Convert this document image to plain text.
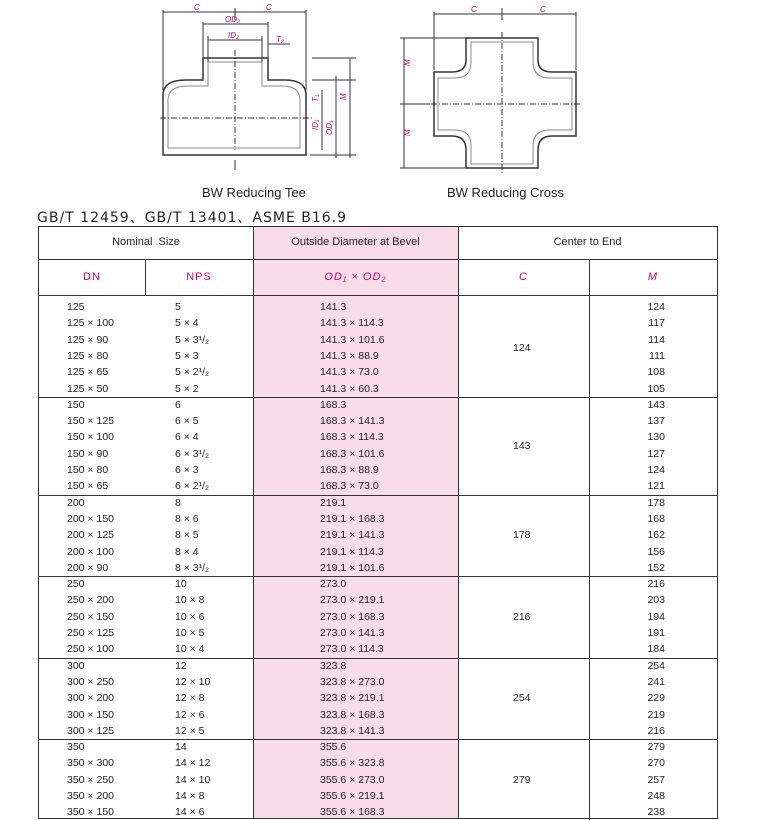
C	C
OD₂
ID₂	T₂
T₁ M
ID₁ OD₁
C	C
M
M
BW Reducing Tee	BW Reducing Cross
GB/T 12459、GB/T 13401、ASME B16.9
Nominal  Size	Outside Diameter at Bevel	Center to End
DN	NPS	OD₁ × OD₂	C	M
125	5	141.3	124
125 × 100	5 × 4	141.3 × 114.3	117
125 × 90	5 × 3¹/₂	141.3 × 101.6	114
125 × 80	5 × 3	141.3 × 88.9	111
125 × 65	5 × 2¹/₂	141.3 × 73.0	108
125 × 50	5 × 2	141.3 × 60.3	105
124
150	6	168.3	143
150 × 125	6 × 5	168.3 × 141.3	137
150 × 100	6 × 4	168.3 × 114.3	130
150 × 90	6 × 3¹/₂	168.3 × 101.6	127
150 × 80	6 × 3	168.3 × 88.9	124
150 × 65	6 × 2¹/₂	168.3 × 73.0	121
143
200	8	219.1	178
200 × 150	8 × 6	219.1 × 168.3	168
200 × 125	8 × 5	219.1 × 141.3	162
200 × 100	8 × 4	219.1 × 114.3	156
200 × 90	8 × 3¹/₂	219.1 × 101.6	152
178
250	10	273.0	216
250 × 200	10 × 8	273.0 × 219.1	203
250 × 150	10 × 6	273.0 × 168.3	194
250 × 125	10 × 5	273.0 × 141.3	191
250 × 100	10 × 4	273.0 × 114.3	184
216
300	12	323.8	254
300 × 250	12 × 10	323.8 × 273.0	241
300 × 200	12 × 8	323.8 × 219.1	229
300 × 150	12 × 6	323.8 × 168.3	219
300 × 125	12 × 5	323.8 × 141.3	216
254
350	14	355.6	279
350 × 300	14 × 12	355.6 × 323.8	270
350 × 250	14 × 10	355.6 × 273.0	257
350 × 200	14 × 8	355.6 × 219.1	248
350 × 150	14 × 6	355.6 × 168.3	238
279
